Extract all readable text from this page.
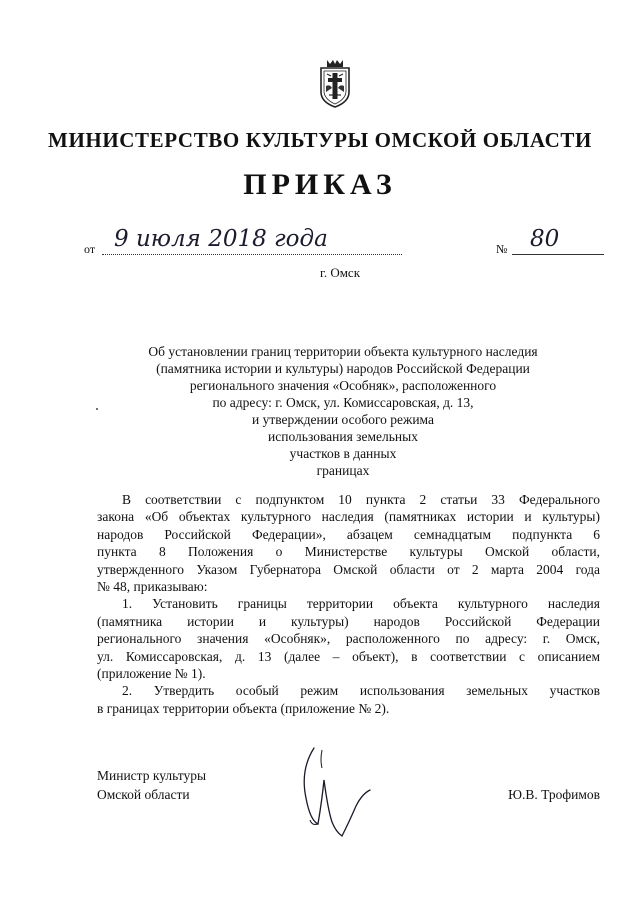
МИНИСТЕРСТВО КУЛЬТУРЫ ОМСКОЙ ОБЛАСТИ
ПРИКАЗ
от 9 июля 2018 года	№ 80
г. Омск
Об установлении границ территории объекта культурного наследия
(памятника истории и культуры) народов Российской Федерации
регионального значения «Особняк», расположенного
по адресу: г. Омск, ул. Комиссаровская, д. 13,
и утверждении особого режима
использования земельных
участков в данных
границах
В соответствии с подпунктом 10 пункта 2 статьи 33 Федерального
закона «Об объектах культурного наследия (памятниках истории и культуры)
народов Российской Федерации», абзацем семнадцатым подпункта 6
пункта 8 Положения о Министерстве культуры Омской области,
утвержденного Указом Губернатора Омской области от 2 марта 2004 года
№ 48, приказываю:
1. Установить границы территории объекта культурного наследия
(памятника истории и культуры) народов Российской Федерации
регионального значения «Особняк», расположенного по адресу: г. Омск,
ул. Комиссаровская, д. 13 (далее – объект), в соответствии с описанием
(приложение № 1).
2. Утвердить особый режим использования земельных участков
в границах территории объекта (приложение № 2).
Министр культуры
Омской области	Ю.В. Трофимов
